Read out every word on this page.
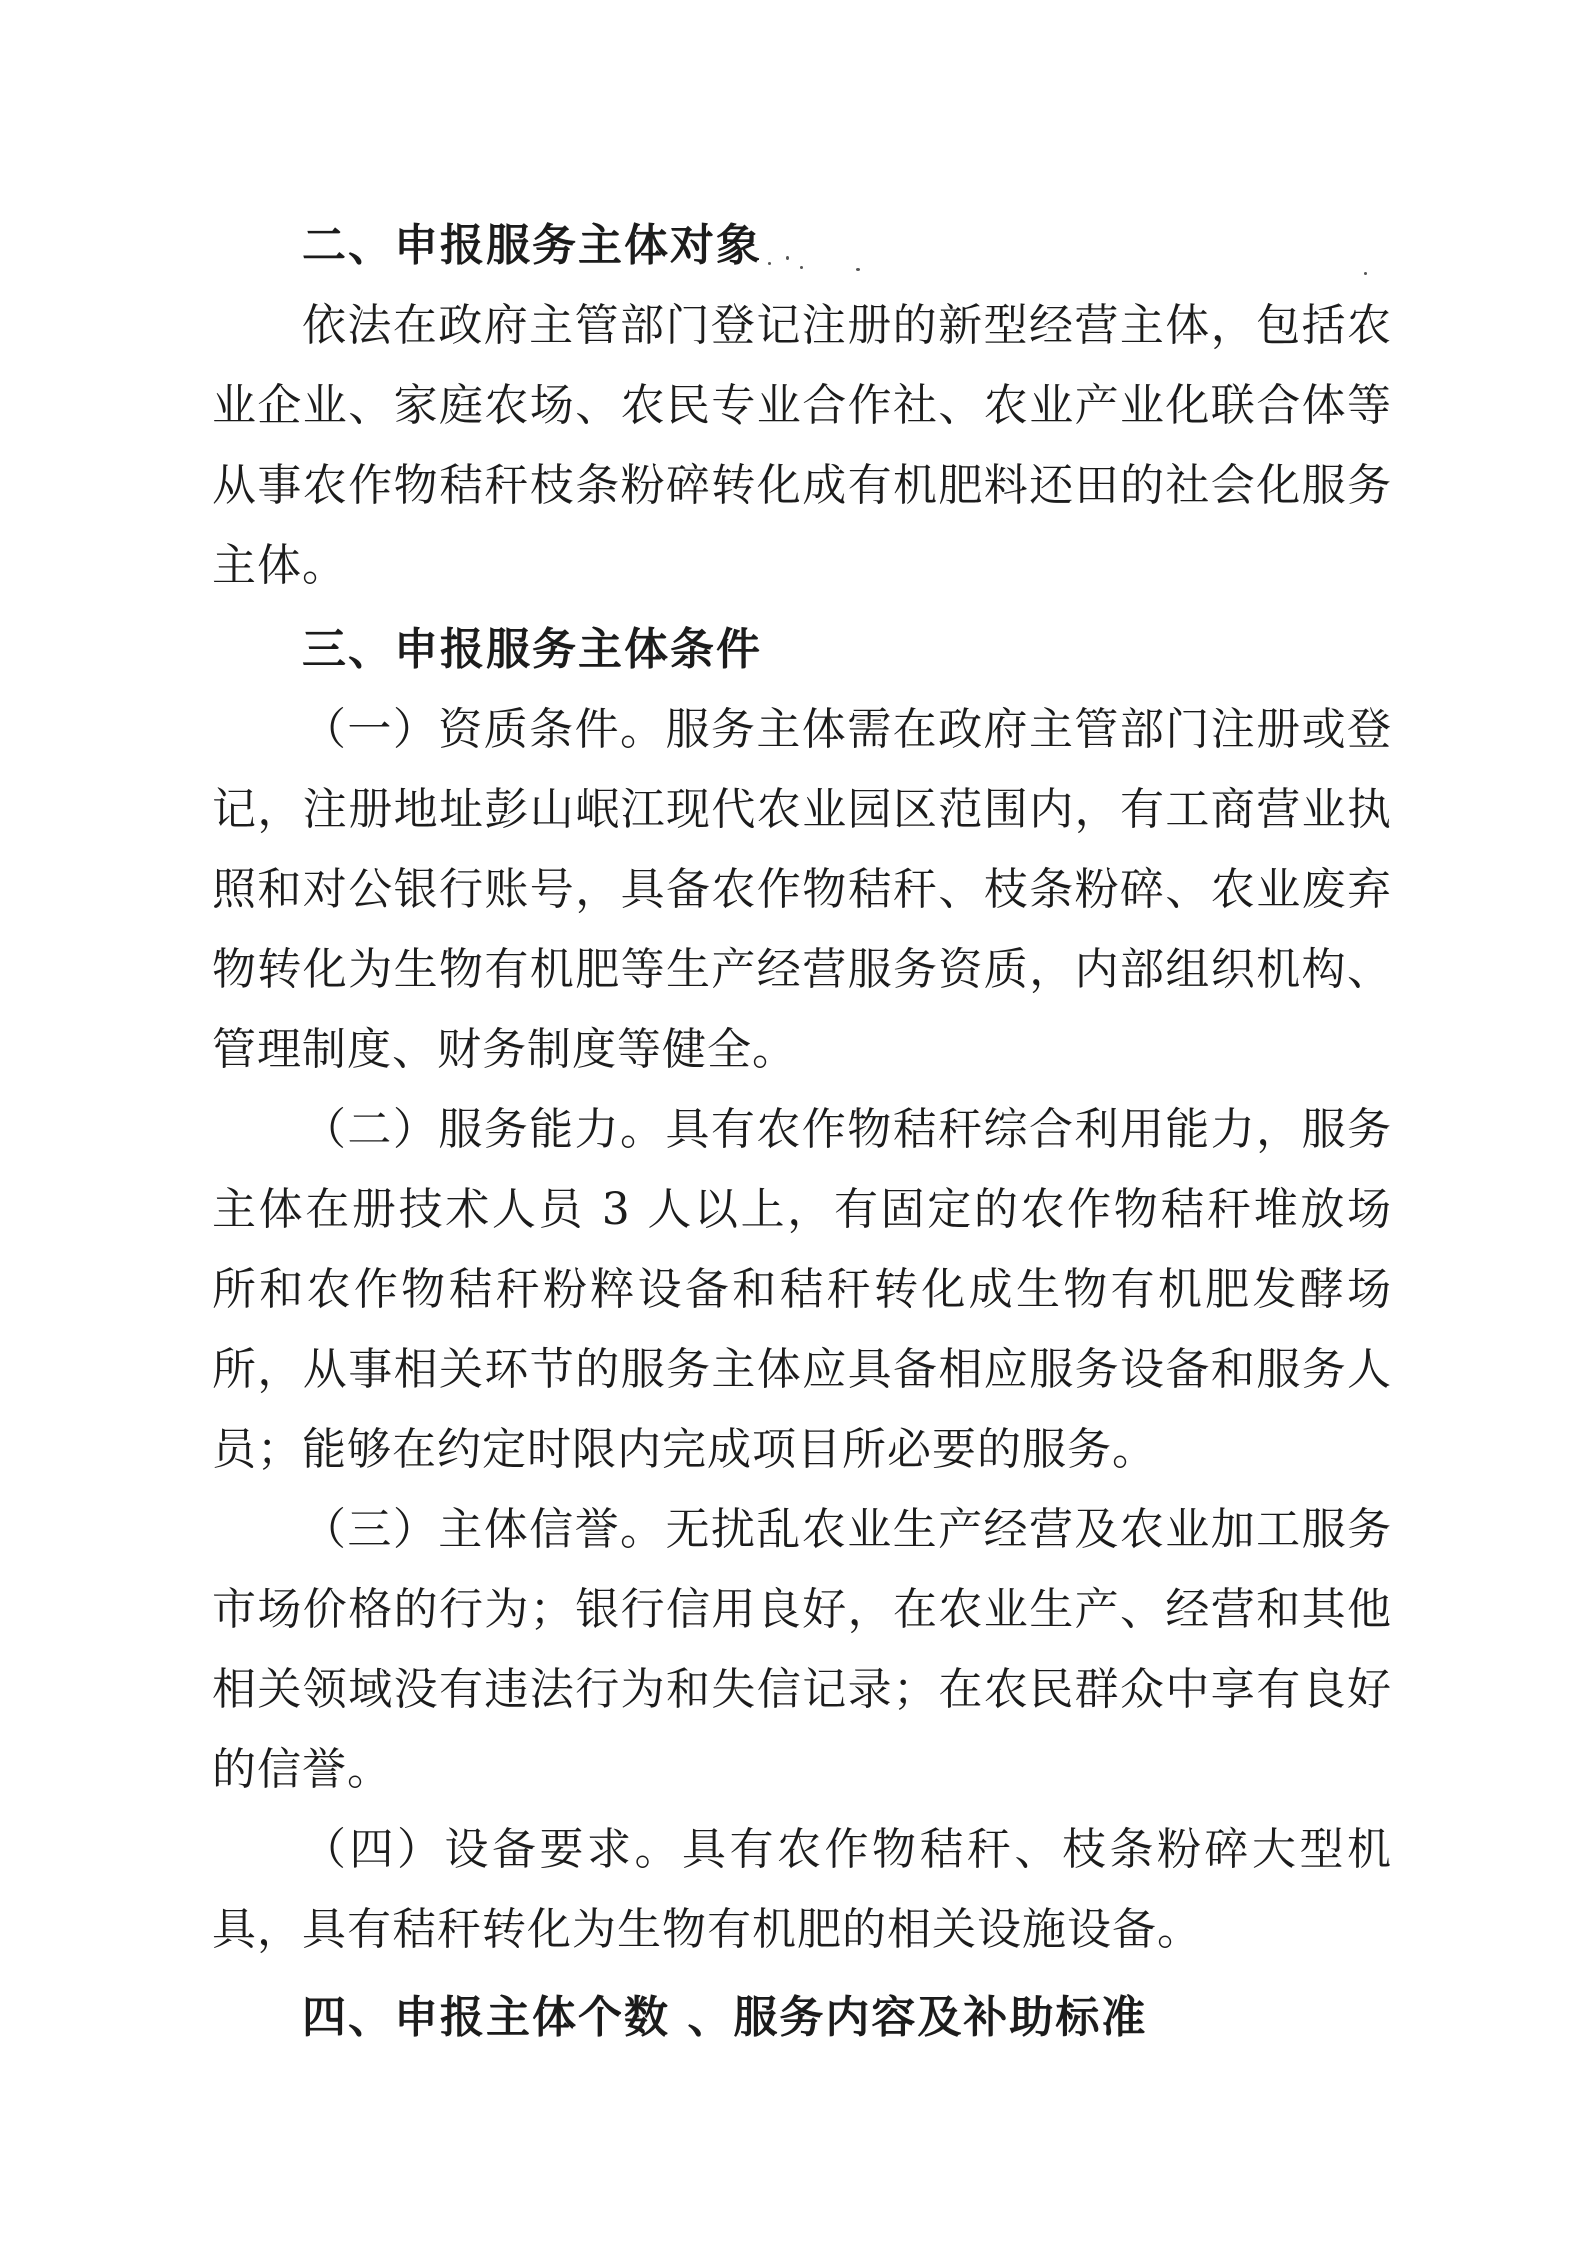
二、申报服务主体对象

依法在政府主管部门登记注册的新型经营主体，包括农业企业、家庭农场、农民专业合作社、农业产业化联合体等从事农作物秸秆枝条粉碎转化成有机肥料还田的社会化服务主体。

三、申报服务主体条件

（一）资质条件。服务主体需在政府主管部门注册或登记，注册地址彭山岷江现代农业园区范围内，有工商营业执照和对公银行账号，具备农作物秸秆、枝条粉碎、农业废弃物转化为生物有机肥等生产经营服务资质，内部组织机构、管理制度、财务制度等健全。

（二）服务能力。具有农作物秸秆综合利用能力，服务主体在册技术人员 3 人以上，有固定的农作物秸秆堆放场所和农作物秸秆粉粹设备和秸秆转化成生物有机肥发酵场所，从事相关环节的服务主体应具备相应服务设备和服务人员；能够在约定时限内完成项目所必要的服务。

（三）主体信誉。无扰乱农业生产经营及农业加工服务市场价格的行为；银行信用良好，在农业生产、经营和其他相关领域没有违法行为和失信记录；在农民群众中享有良好的信誉。

（四）设备要求。具有农作物秸秆、枝条粉碎大型机具，具有秸秆转化为生物有机肥的相关设施设备。

四、申报主体个数 、服务内容及补助标准
